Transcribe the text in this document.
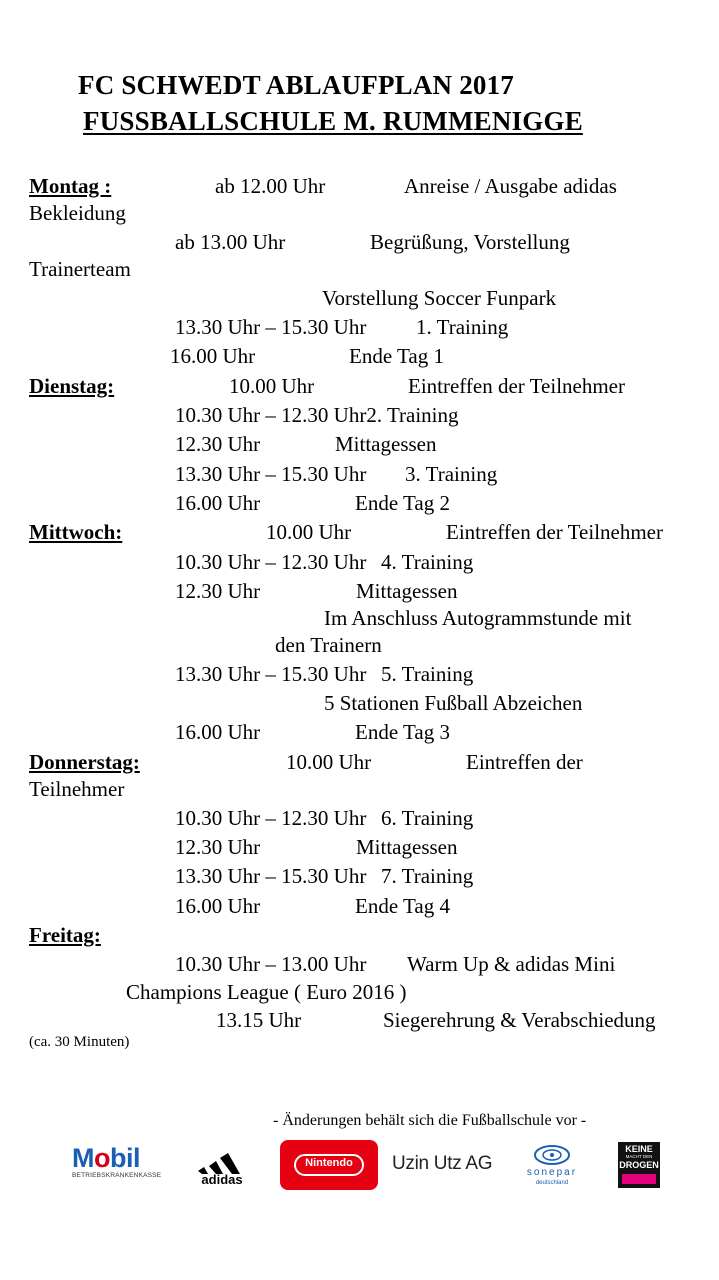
FC SCHWEDT ABLAUFPLAN 2017
FUSSBALLSCHULE M. RUMMENIGGE
Montag :	ab 12.00 Uhr	Anreise / Ausgabe adidas
Bekleidung
ab 13.00 Uhr	Begrüßung, Vorstellung
Trainerteam
Vorstellung Soccer Funpark
13.30 Uhr – 15.30 Uhr 1. Training
16.00 Uhr	Ende Tag 1
Dienstag:	10.00 Uhr	Eintreffen der Teilnehmer
10.30 Uhr – 12.30 Uhr2. Training
12.30 Uhr	Mittagessen
13.30 Uhr – 15.30 Uhr 3. Training
16.00 Uhr	Ende Tag 2
Mittwoch:	10.00 Uhr	Eintreffen der Teilnehmer
10.30 Uhr – 12.30 Uhr 4. Training
12.30 Uhr	Mittagessen
Im Anschluss Autogrammstunde mit
den Trainern
13.30 Uhr – 15.30 Uhr 5. Training
5 Stationen Fußball Abzeichen
16.00 Uhr	Ende Tag 3
Donnerstag:	10.00 Uhr	Eintreffen der
Teilnehmer
10.30 Uhr – 12.30 Uhr 6. Training
12.30 Uhr	Mittagessen
13.30 Uhr – 15.30 Uhr 7. Training
16.00 Uhr	Ende Tag 4
Freitag:
10.30 Uhr – 13.00 Uhr Warm Up & adidas Mini
Champions League ( Euro 2016 )
13.15 Uhr	Siegerehrung & Verabschiedung
(ca. 30 Minuten)
- Änderungen behält sich die Fußballschule vor -
Mobil
BETRIEBSKRANKENKASSE	adidas
Nintendo	Uzin Utz AG	sonepar
deutschland
KEINE
MACHT DEN
DROGEN
